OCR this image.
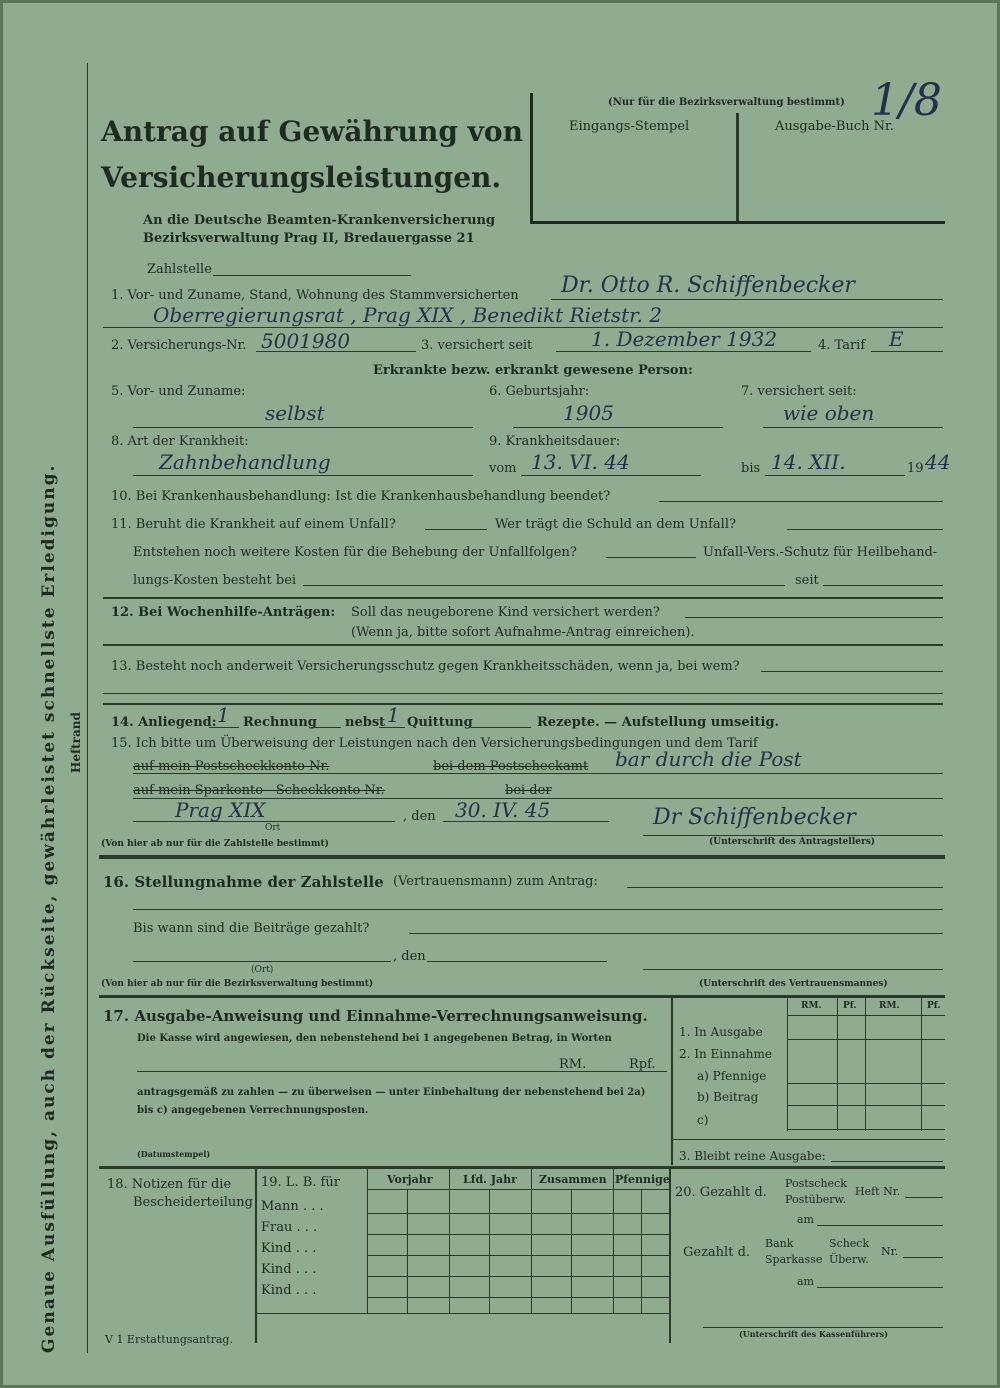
Genaue Ausfüllung, auch der Rückseite, gewährleistet schnellste Erledigung. Heftrand
Antrag auf Gewährung von
Versicherungsleistungen.
An die Deutsche Beamten-Krankenversicherung
Bezirksverwaltung Prag II, Bredauergasse 21
(Nur für die Bezirksverwaltung bestimmt)
Eingangs-Stempel	Ausgabe-Buch Nr.
1/8
Zahlstelle
1. Vor- und Zuname, Stand, Wohnung des Stammversicherten Dr. Otto R. Schiffenbecker
Oberregierungsrat , Prag XIX , Benedikt Rietstr. 2
2. Versicherungs-Nr. 5001980	3. versichert seit	1. Dezember 1932	4. Tarif E
Erkrankte bezw. erkrankt gewesene Person:
5. Vor- und Zuname:
selbst
6. Geburtsjahr:
1905
7. versichert seit:
wie oben
8. Art der Krankheit:
Zahnbehandlung
9. Krankheitsdauer:
vom 13. VI. 44	bis 14. XII.	19 44
10. Bei Krankenhausbehandlung: Ist die Krankenhausbehandlung beendet?
11. Beruht die Krankheit auf einem Unfall?	Wer trägt die Schuld an dem Unfall?
Entstehen noch weitere Kosten für die Behebung der Unfallfolgen?	Unfall-Vers.-Schutz für Heilbehand-
lungs-Kosten besteht bei	seit
12. Bei Wochenhilfe-Anträgen: Soll das neugeborene Kind versichert werden?
(Wenn ja, bitte sofort Aufnahme-Antrag einreichen).
13. Besteht noch anderweit Versicherungsschutz gegen Krankheitsschäden, wenn ja, bei wem?
14. Anliegend: 1 Rechnung nebst 1 Quittung	Rezepte. — Aufstellung umseitig.
15. Ich bitte um Überweisung der Leistungen nach den Versicherungsbedingungen und dem Tarif
auf mein Postscheckkonto Nr.	bei dem Postscheckamt bar durch die Post
auf mein Sparkonto - Scheckkonto Nr.	bei der
Prag XIX
Ort
, den 30. IV. 45	Dr Schiffenbecker
(Unterschrift des Antragstellers)
(Von hier ab nur für die Zahlstelle bestimmt)
16. Stellungnahme der Zahlstelle (Vertrauensmann) zum Antrag:
Bis wann sind die Beiträge gezahlt?
, den
(Ort)
(Von hier ab nur für die Bezirksverwaltung bestimmt)	(Unterschrift des Vertrauensmannes)
17. Ausgabe-Anweisung und Einnahme-Verrechnungsanweisung.
Die Kasse wird angewiesen, den nebenstehend bei 1 angegebenen Betrag, in Worten
RM.	Rpf.
antragsgemäß zu zahlen — zu überweisen — unter Einbehaltung der nebenstehend bei 2a)
bis c) angegebenen Verrechnungsposten.
(Datumstempel)
RM. Pf.	RM.	Pf.
1. In Ausgabe
2. In Einnahme
a) Pfennige
b) Beitrag
c)
3. Bleibt reine Ausgabe:
18. Notizen für die
Bescheiderteilung
19. L. B. für
Mann . . .
Frau . . .
Kind . . .
Kind . . .
Kind . . .
Vorjahr	Lfd. Jahr Zusammen Pfennige
V 1 Erstattungsantrag.
20. Gezahlt d.
Postscheck
Postüberw.
Heft Nr.
am
Gezahlt d.
Bank
Sparkasse
Scheck
Überw.
Nr.
am
(Unterschrift des Kassenführers)
